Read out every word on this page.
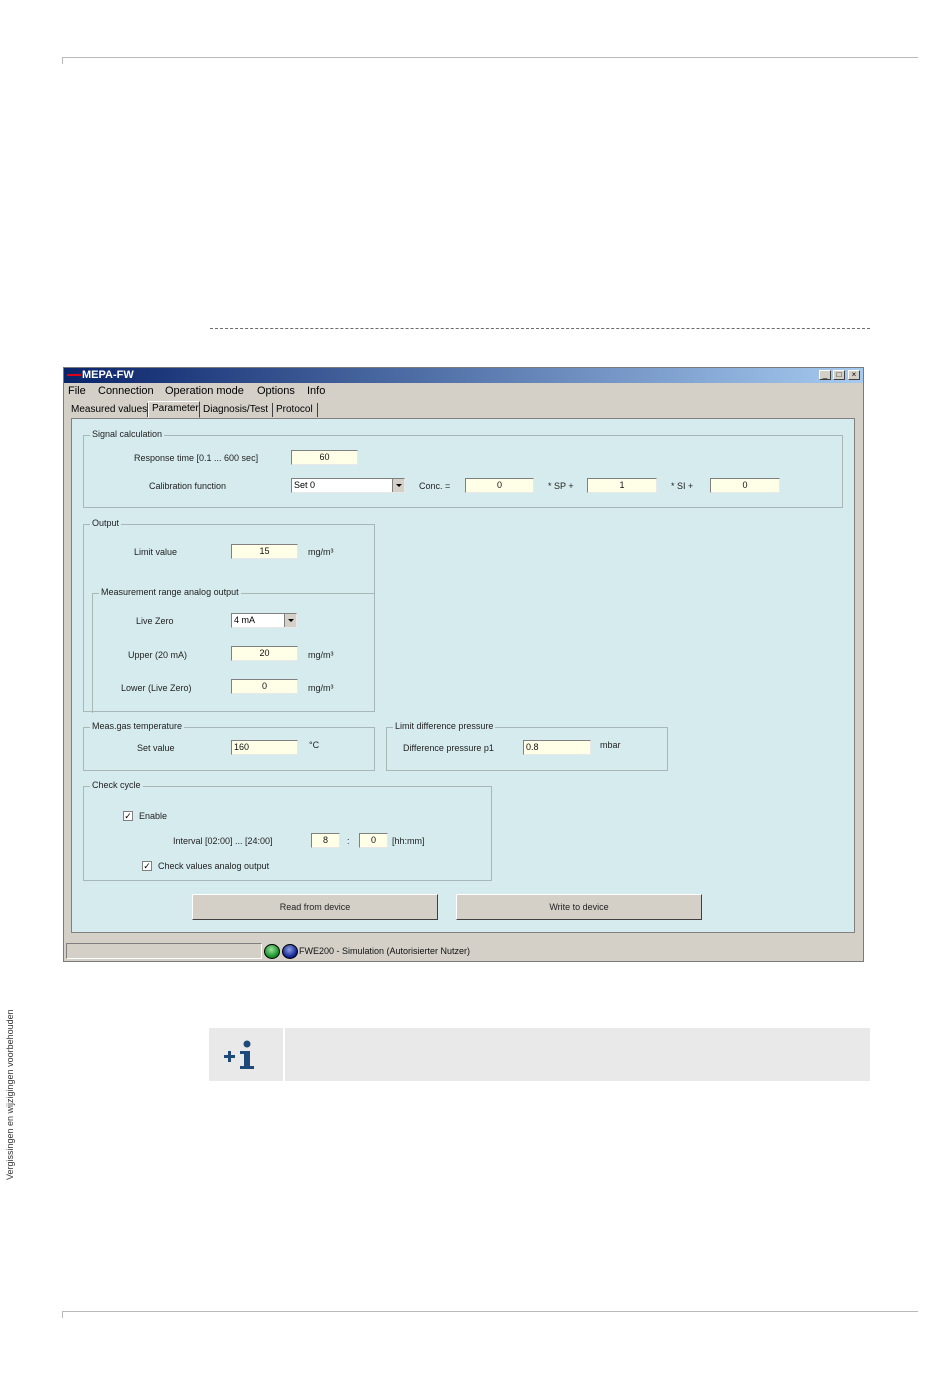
Vergissingen en wijzigingen voorbehouden
MEPA-FW	_	□	×
File Connection Operation mode Options Info
Measured values Parameter Diagnosis/Test Protocol
Signal calculation
Response time [0.1 ... 600 sec]	60
Calibration function	Set 0	Conc. =	0	* SP +	1	* SI +	0
Output
Limit value	15	mg/m³
Measurement range analog output
Live Zero	4 mA
Upper (20 mA)	20	mg/m³
Lower (Live Zero)	0	mg/m³
Meas.gas temperature
Set value	160	°C
Limit difference pressure
Difference pressure p1	0.8	mbar
Check cycle
✓ Enable
Interval [02:00] ... [24:00]	8	:	0	[hh:mm]
✓ Check values analog output
Read from device	Write to device
FWE200 - Simulation (Autorisierter Nutzer)
